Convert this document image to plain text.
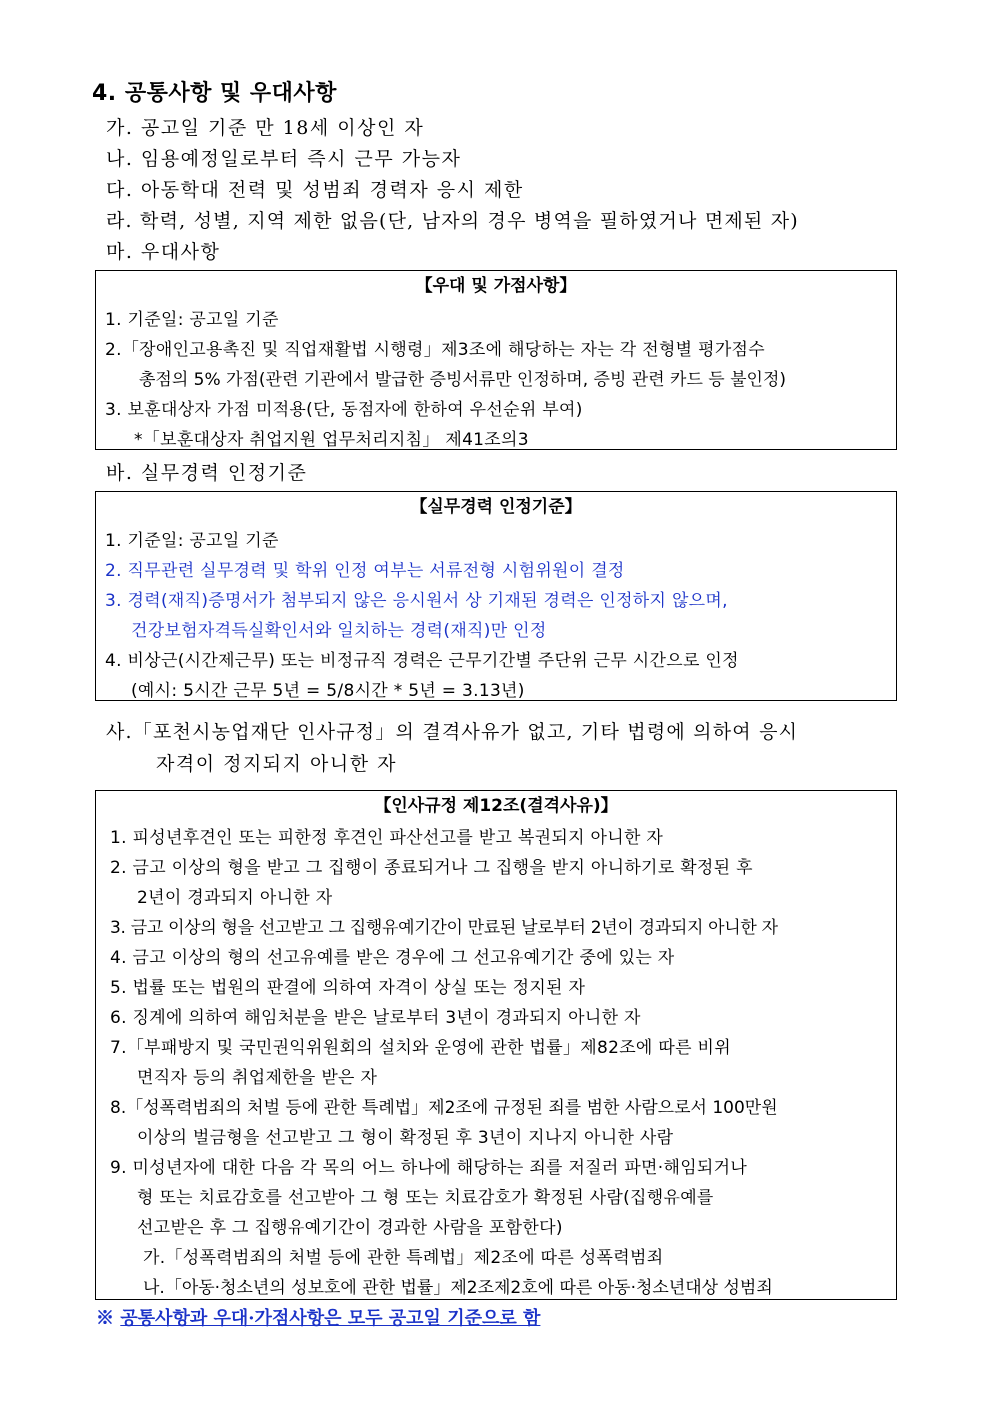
4. 공통사항 및 우대사항
가. 공고일 기준 만 18세 이상인 자
나. 임용예정일로부터 즉시 근무 가능자
다. 아동학대 전력 및 성범죄 경력자 응시 제한
라. 학력, 성별, 지역 제한 없음(단, 남자의 경우 병역을 필하였거나 면제된 자)
마. 우대사항
【우대 및 가점사항】
1. 기준일: 공고일 기준
2.「장애인고용촉진 및 직업재활법 시행령」제3조에 해당하는 자는 각 전형별 평가점수
총점의 5% 가점(관련 기관에서 발급한 증빙서류만 인정하며, 증빙 관련 카드 등 불인정)
3. 보훈대상자 가점 미적용(단, 동점자에 한하여 우선순위 부여)
*「보훈대상자 취업지원 업무처리지침」 제41조의3
바. 실무경력 인정기준
【실무경력 인정기준】
1. 기준일: 공고일 기준
2. 직무관련 실무경력 및 학위 인정 여부는 서류전형 시험위원이 결정
3. 경력(재직)증명서가 첨부되지 않은 응시원서 상 기재된 경력은 인정하지 않으며,
건강보험자격득실확인서와 일치하는 경력(재직)만 인정
4. 비상근(시간제근무) 또는 비정규직 경력은 근무기간별 주단위 근무 시간으로 인정
(예시: 5시간 근무 5년 = 5/8시간 * 5년 = 3.13년)
사.「포천시농업재단 인사규정」의 결격사유가 없고, 기타 법령에 의하여 응시
자격이 정지되지 아니한 자
【인사규정 제12조(결격사유)】
1. 피성년후견인 또는 피한정 후견인 파산선고를 받고 복권되지 아니한 자
2. 금고 이상의 형을 받고 그 집행이 종료되거나 그 집행을 받지 아니하기로 확정된 후
2년이 경과되지 아니한 자
3. 금고 이상의 형을 선고받고 그 집행유예기간이 만료된 날로부터 2년이 경과되지 아니한 자
4. 금고 이상의 형의 선고유예를 받은 경우에 그 선고유예기간 중에 있는 자
5. 법률 또는 법원의 판결에 의하여 자격이 상실 또는 정지된 자
6. 징계에 의하여 해임처분을 받은 날로부터 3년이 경과되지 아니한 자
7.「부패방지 및 국민권익위원회의 설치와 운영에 관한 법률」제82조에 따른 비위
면직자 등의 취업제한을 받은 자
8.「성폭력범죄의 처벌 등에 관한 특례법」제2조에 규정된 죄를 범한 사람으로서 100만원
이상의 벌금형을 선고받고 그 형이 확정된 후 3년이 지나지 아니한 사람
9. 미성년자에 대한 다음 각 목의 어느 하나에 해당하는 죄를 저질러 파면·해임되거나
형 또는 치료감호를 선고받아 그 형 또는 치료감호가 확정된 사람(집행유예를
선고받은 후 그 집행유예기간이 경과한 사람을 포함한다)
가.「성폭력범죄의 처벌 등에 관한 특례법」제2조에 따른 성폭력범죄
나.「아동·청소년의 성보호에 관한 법률」제2조제2호에 따른 아동·청소년대상 성범죄
※ 공통사항과 우대·가점사항은 모두 공고일 기준으로 함
